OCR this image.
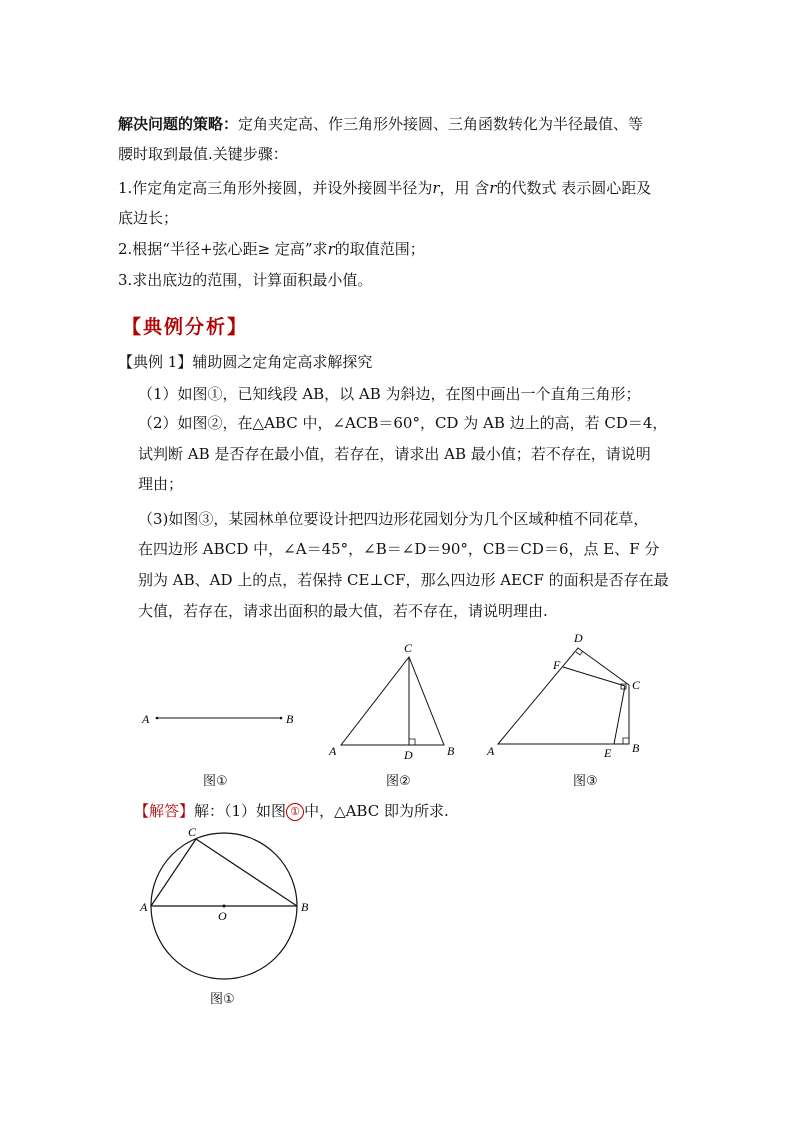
解决问题的策略：定角夹定高、作三角形外接圆、三角函数转化为半径最值、等
腰时取到最值.关键步骤：
1.作定角定高三角形外接圆，并设外接圆半径为r，用 含r的代数式 表示圆心距及
底边长；
2.根据“半径+弦心距≥ 定高”求r的取值范围；
3.求出底边的范围，计算面积最小值。
【典例分析】
【典例 1】辅助圆之定角定高求解探究
（1）如图①，已知线段 AB，以 AB 为斜边，在图中画出一个直角三角形；
（2）如图②，在△ABC 中，∠ACB＝60°，CD 为 AB 边上的高，若 CD＝4，
试判断 AB 是否存在最小值，若存在，请求出 AB 最小值；若不存在，请说明
理由；
（3)如图③，某园林单位要设计把四边形花园划分为几个区域种植不同花草，
在四边形 ABCD 中，∠A＝45°，∠B＝∠D＝90°，CB＝CD＝6，点 E、F 分
别为 AB、AD 上的点，若保持 CE⊥CF，那么四边形 AECF 的面积是否存在最
大值，若存在，请求出面积的最大值，若不存在，请说明理由.
A	B
A	B
C
D	A	B
C
D
E
F
A	B
C
O
图①	图②	图③
【解答】解：（1）如图 ① 中，△ABC 即为所求.
图①
